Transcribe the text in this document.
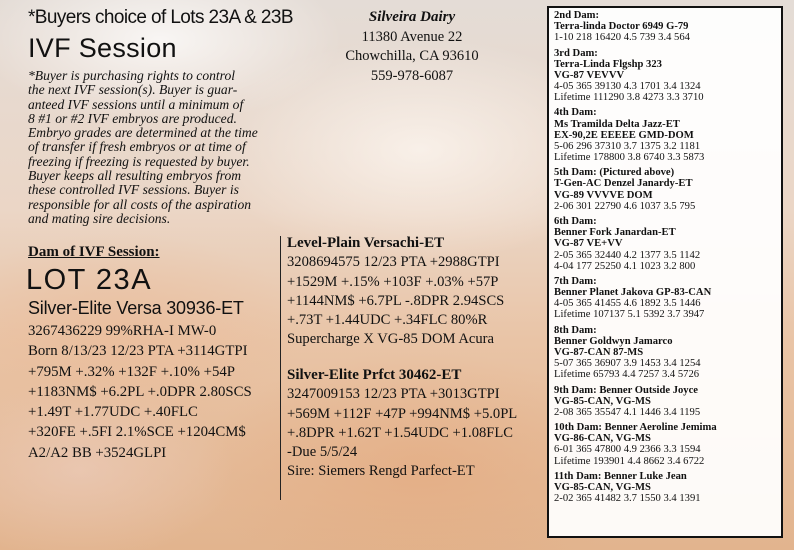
*Buyers choice of Lots 23A & 23B
IVF Session

*Buyer is purchasing rights to control

the next IVF session(s). Buyer is guar-

anteed IVF sessions until a minimum of

8 #1 or #2 IVF embryos are produced.

Embryo grades are determined at the time

of transfer if fresh embryos or at time of

freezing if freezing is requested by buyer.

Buyer keeps all resulting embryos from

these controlled IVF sessions. Buyer is

responsible for all costs of the aspiration

and mating sire decisions.

Dam of IVF Session:
LOT 23A
Silver-Elite Versa 30936-ET
3267436229 99%RHA-I MW-0
Born 8/13/23 12/23 PTA +3114GTPI
+795M +.32% +132F +.10% +54P
+1183NM$ +6.2PL +.0DPR 2.80SCS
+1.49T +1.77UDC +.40FLC
+320FE +.5FI 2.1%SCE +1204CM$
A2/A2 BB +3524GLPI
Silveira Dairy
11380 Avenue 22
Chowchilla, CA 93610
559-978-6087
Level-Plain Versachi-ET
3208694575 12/23 PTA +2988GTPI
+1529M +.15% +103F +.03% +57P
+1144NM$ +6.7PL -.8DPR 2.94SCS
+.73T +1.44UDC +.34FLC 80%R
Supercharge X VG-85 DOM Acura
Silver-Elite Prfct 30462-ET
3247009153 12/23 PTA +3013GTPI
+569M +112F +47P +994NM$ +5.0PL
+.8DPR +1.62T +1.54UDC +1.08FLC
-Due 5/5/24
Sire: Siemers Rengd Parfect-ET
2nd Dam:
Terra-linda Doctor 6949 G-79
1-10 218 16420 4.5 739 3.4 564
3rd Dam:
Terra-Linda Flgshp 323
VG-87 VEVVV
4-05 365 39130 4.3 1701 3.4 1324
Lifetime 111290 3.8 4273 3.3 3710
4th Dam:
Ms Tramilda Delta Jazz-ET
EX-90,2E EEEEE GMD-DOM
5-06 296 37310 3.7 1375 3.2 1181
Lifetime 178800 3.8 6740 3.3 5873
5th Dam: (Pictured above)
T-Gen-AC Denzel Janardy-ET
VG-89 VVVVE DOM
2-06 301 22790 4.6 1037 3.5 795
6th Dam:
Benner Fork Janardan-ET
VG-87 VE+VV
2-05 365 32440 4.2 1377 3.5 1142
4-04 177 25250 4.1 1023 3.2 800
7th Dam:
Benner Planet Jakova GP-83-CAN
4-05 365 41455 4.6 1892 3.5 1446
Lifetime 107137 5.1 5392 3.7 3947
8th Dam:
Benner Goldwyn Jamarco
VG-87-CAN 87-MS
5-07 365 36907 3.9 1453 3.4 1254
Lifetime 65793 4.4 7257 3.4 5726
9th Dam: Benner Outside Joyce
VG-85-CAN, VG-MS
2-08 365 35547 4.1 1446 3.4 1195
10th Dam: Benner Aeroline Jemima
VG-86-CAN, VG-MS
6-01 365 47800 4.9 2366 3.3 1594
Lifetime 193901 4.4 8662 3.4 6722
11th Dam: Benner Luke Jean
VG-85-CAN, VG-MS
2-02 365 41482 3.7 1550 3.4 1391
